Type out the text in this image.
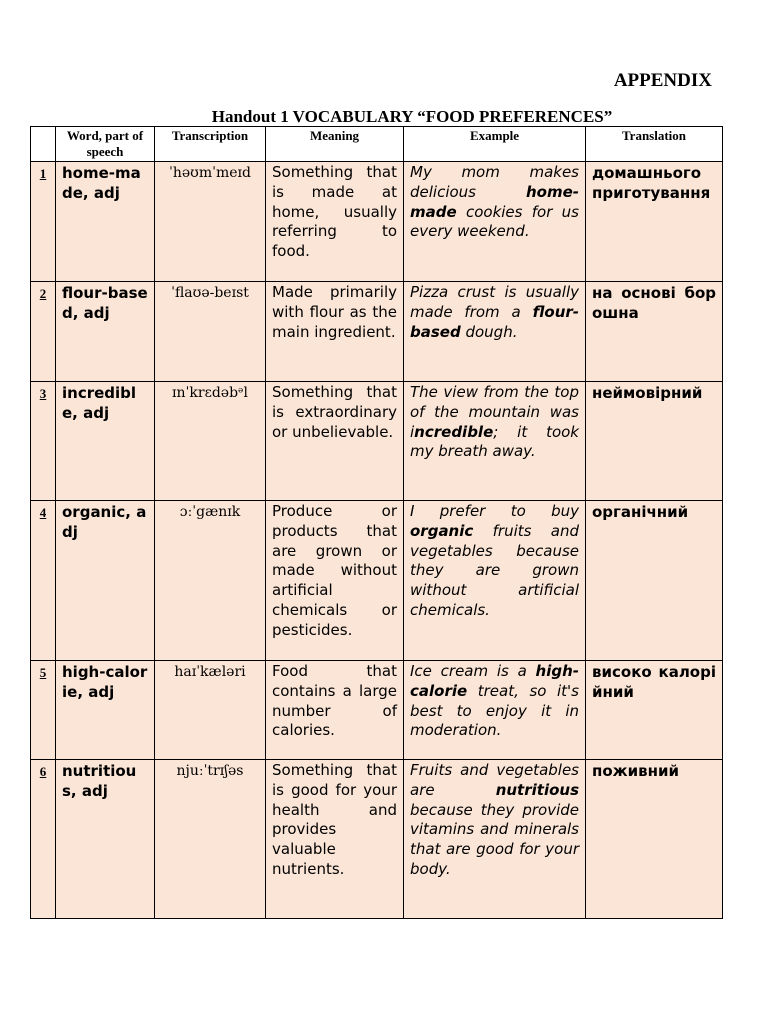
APPENDIX
Handout 1 VOCABULARY “FOOD PREFERENCES”
	Word, part of speech	Transcription	Meaning	Example	Translation
1	home-made, adj	ˈhəʊmˈmeɪd	Something that is made at home, usually referring to food.	My mom makes delicious home-made cookies for us every weekend.	домашнього приготування
2	flour-based, adj	ˈflaʊə-beɪst	Made primarily with flour as the main ingredient.	Pizza crust is usually made from a flour-based dough.	на основі борошна
3	incredible, adj	ɪnˈkrɛdəbᵊl	Something that is extraordinary or unbelievable.	The view from the top of the mountain was incredible; it took my breath away.	неймовірний
4	organic, adj	ɔːˈgænɪk	Produce or products that are grown or made without artificial chemicals or pesticides.	I prefer to buy organic fruits and vegetables because they are grown without artificial chemicals.	органічний
5	high-calorie, adj	haɪˈkæləri	Food that contains a large number of calories.	Ice cream is a high-calorie treat, so it's best to enjoy it in moderation.	високо калорійний
6	nutritious, adj	njuːˈtrɪʃəs	Something that is good for your health and provides valuable nutrients.	Fruits and vegetables are nutritious because they provide vitamins and minerals that are good for your body.	поживний
